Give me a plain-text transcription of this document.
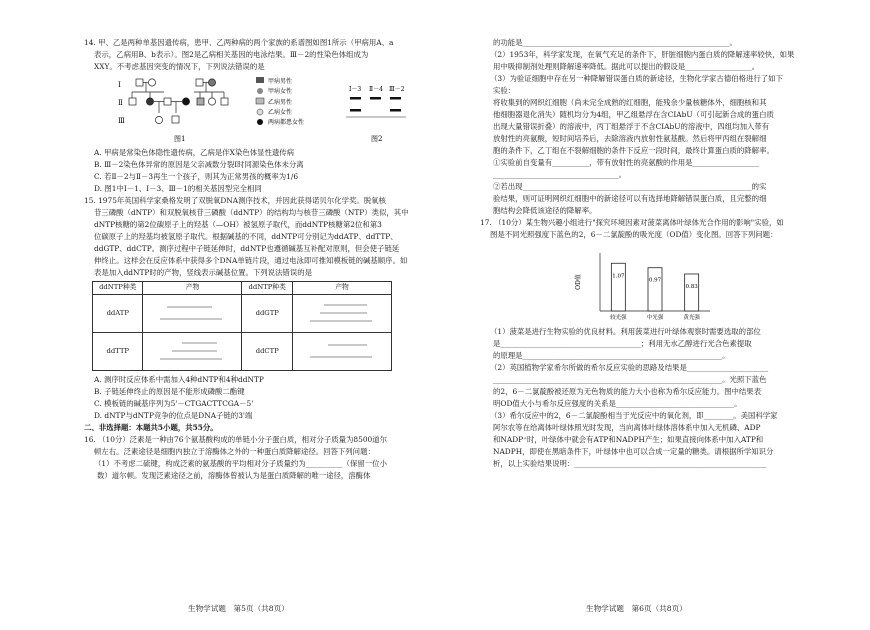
14. 甲、乙是两种单基因遗传病，患甲、乙两种病的两个家族的系谱图如图1所示（甲病用A、a

表示，乙病用B、b表示）。图2是乙病相关基因的电泳结果。Ⅲ－2的性染色体组成为

XXY。不考虑基因突变的情况下，下列说法错误的是

Ⅰ
Ⅱ
Ⅲ
甲病男性
甲病女性
乙病男性
乙病女性
两病都患女性
Ⅰ－3 Ⅱ－4 Ⅲ－2
图1	图2

A. 甲病是常染色体隐性遗传病，乙病是伴X染色体显性遗传病

B. Ⅲ－2染色体异常的原因是父亲减数分裂Ⅰ时同源染色体未分离

C. 若Ⅱ－2与Ⅱ－3再生一个孩子，则其为正常男孩的概率为1/6

D. 图1中Ⅰ－1、Ⅰ－3、Ⅲ－1的相关基因型完全相同

15. 1975年英国科学家桑格发明了双脱氧DNA测序技术，并因此获得诺贝尔化学奖。脱氧核

苷三磷酸（dNTP）和双脱氧核苷三磷酸（ddNTP）的结构均与核苷三磷酸（NTP）类似，其中

dNTP核糖的第2位碳原子上的羟基（—OH）被氢原子取代，而ddNTP核糖第2位和第3

位碳原子上的羟基均被氢原子取代。根据碱基的不同，ddNTP可分别记为ddATP、ddTTP、

ddGTP、ddCTP。测序过程中子链延伸时，ddNTP也遵循碱基互补配对原则，但会使子链延

伸终止。这样会在反应体系中获得多个DNA单链片段，通过电泳即可推知模板链的碱基顺序。如

表是加入ddNTP时的产物，竖线表示碱基位置。下列说法错误的是

ddNTP种类	产物	ddNTP种类	产物
ddATP		ddGTP	
ddTTP		ddCTP	

A. 测序时反应体系中需加入4种dNTP和4种ddNTP

B. 子链延伸终止的原因是不能形成磷酸二酯键

C. 模板链的碱基序列为5'－CTGACTTCGA－5'

D. dNTP与dNTP竞争的位点是DNA子链的3'端

二、非选择题：本题共5小题，共55分。

16. （10分）泛素是一种由76个氨基酸构成的单链小分子蛋白质，相对分子质量为8500道尔

顿左右。泛素途径是细胞内独立于溶酶体之外的一种蛋白质降解途径。回答下列问题：

（1）不考虑二硫键，构成泛素的氨基酸的平均相对分子质量约为__________（保留一位小

数）道尔顿。发现泛素途径之前，溶酶体曾被认为是蛋白质降解的唯一途径，溶酶体

生物学试题　第5页（共8页）

的功能是________________________________________________________。

（2）1953年，科学家发现，在氧气充足的条件下，肝脏细胞内蛋白质的降解速率较快，如果

用中吸抑制剂处理则降解速率降低。据此可以提出的假设是__________________。

（3）为验证细胞中存在另一种降解错误蛋白质的新途径，生物化学家古德伯格进行了如下

实验：

将收集到的网织红细胞（尚未完全成熟的红细胞，能残余少量核糖体外，细胞核和其

他细胞器退化消失）随机均分为4组，甲乙组悬浮在含CIAbU（可引起新合成的蛋白质

出现大量错误折叠）的溶液中，丙丁组悬浮于不含CIAbU的溶液中，四组均加入带有

放射性的亮氨酸，短时间培养后，去除溶液内放射性氨基酸。然后将甲丙组在裂解细

胞的条件下，乙丁组在不裂解细胞的条件下反应一段时间，最终计算蛋白质的降解率。

①实验前自变量有__________，带有放射性的亮氨酸的作用是__________________

__________________________________。

②若出现______________________________________________________________的实

验结果，则可证明网织红细胞中的新途径可以有选择地降解错误蛋白质，且完整的细

胞结构会降低该途径的降解率。

17. （10分）某生物兴趣小组进行"探究环境因素对菠菜离体叶绿体光合作用的影响"实验，如

图是不同光照强度下蓝色的2，6－二氯靛酚的吸光度（OD值）变化图。回答下列问题：

OD值	1.07
较光强
0.97
中光强
0.83
黄光强

（1）菠菜是进行生物实验的优良材料。利用菠菜进行叶绿体观察时需要选取的部位

是______________________________________；利用无水乙醇进行光合色素提取

的原理是______________________________________________________。

（2）英国植物学家希尔所做的希尔反应实验的思路及结果是______________________

______________________________________________________________。光照下蓝色

的2，6－二氯靛酚被还原为无色物质的能力大小也称为希尔反应能力。图中结果表

明OD值大小与希尔反应强度的关系是________________________________。

（3）希尔反应中的2，6－二氯靛酚相当于光反应中的氧化剂，即________。美国科学家

阿尔农等在给离体叶绿体照光时发现，当向离体叶绿体溶体系中加入无机磷、ADP

和NADP⁺时，叶绿体中就会有ATP和NADPH产生；如果直接向体系中加入ATP和

NADPH，即使在黑暗条件下，叶绿体中也可以合成一定量的糖类。请根据所学知识分

析，以上实验结果说明：____________________________________________________

生物学试题　第6页（共8页）
